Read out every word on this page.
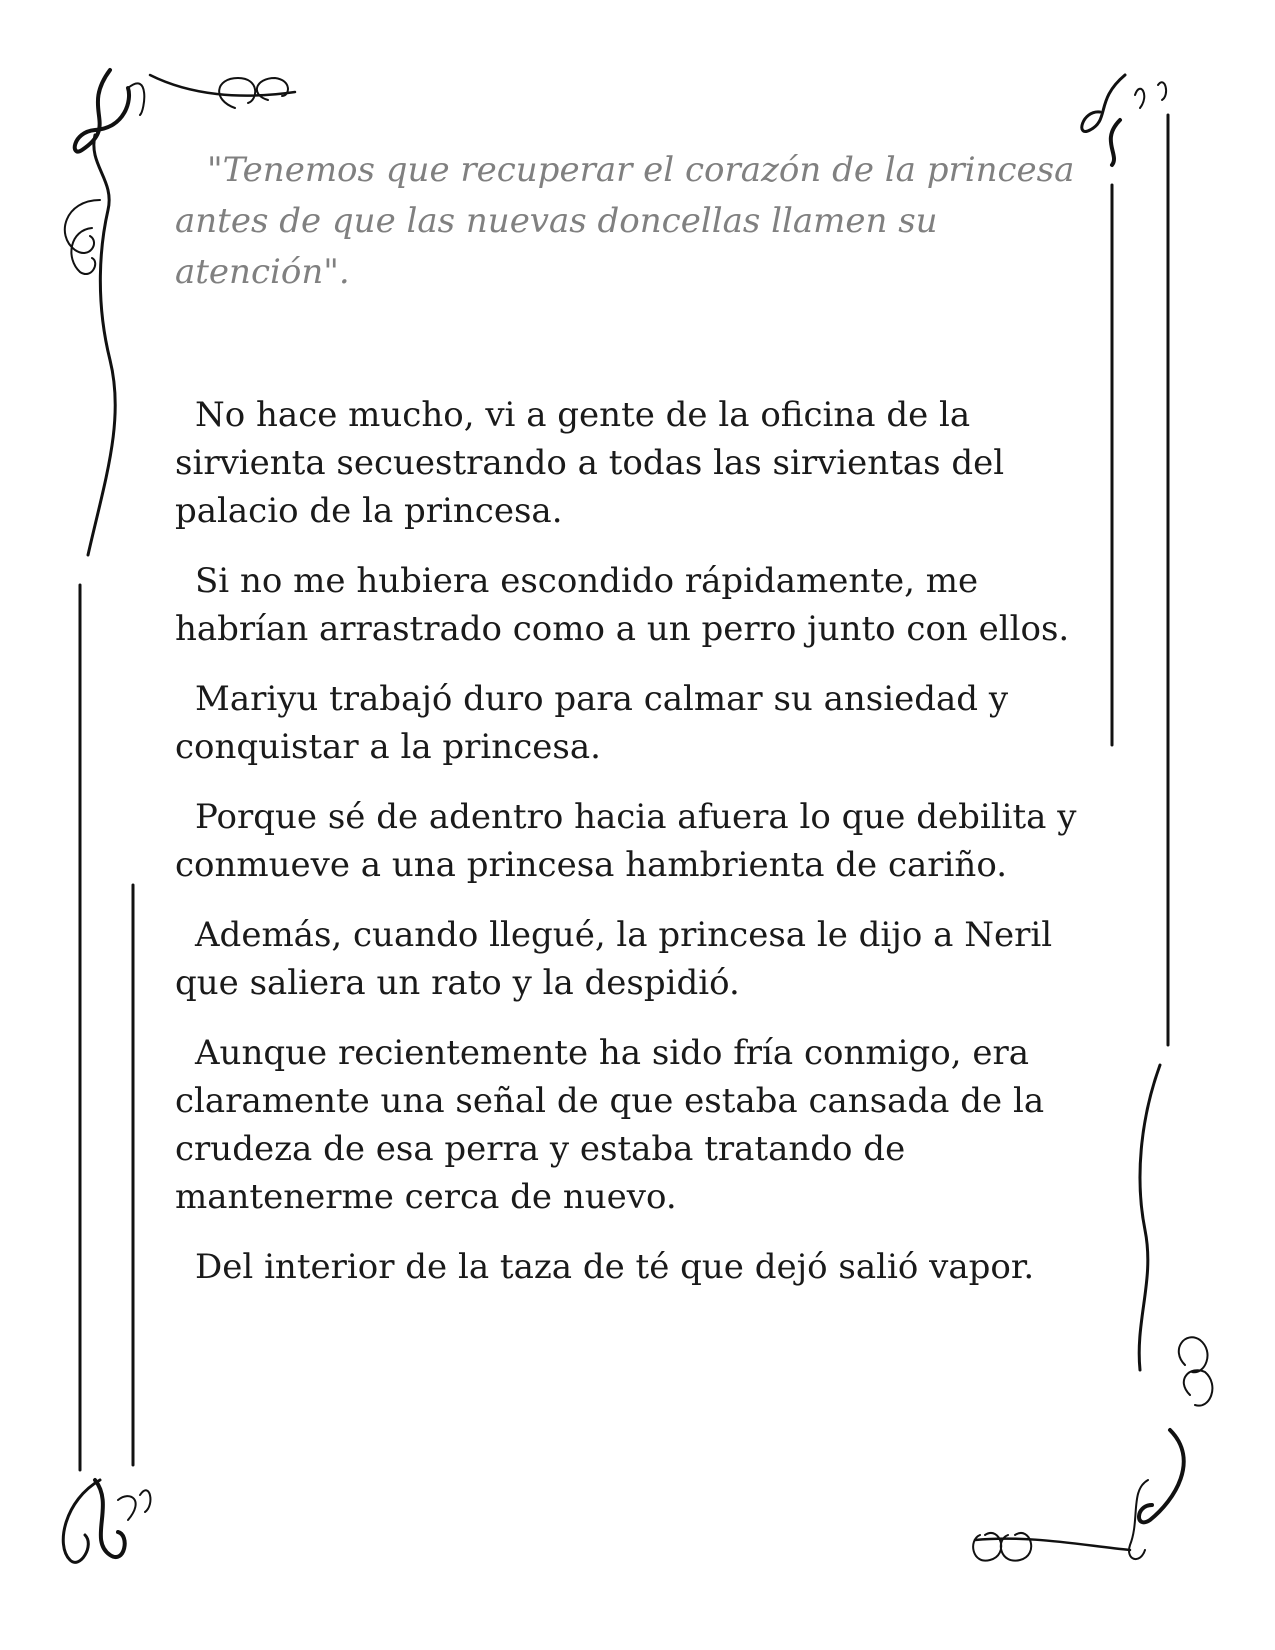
"Tenemos que recuperar el corazón de la princesa antes de que las nuevas doncellas llamen su atención".

No hace mucho, vi a gente de la oficina de la sirvienta secuestrando a todas las sirvientas del palacio de la princesa.

Si no me hubiera escondido rápidamente, me habrían arrastrado como a un perro junto con ellos.

Mariyu trabajó duro para calmar su ansiedad y conquistar a la princesa.

Porque sé de adentro hacia afuera lo que debilita y conmueve a una princesa hambrienta de cariño.

Además, cuando llegué, la princesa le dijo a Neril que saliera un rato y la despidió.

Aunque recientemente ha sido fría conmigo, era claramente una señal de que estaba cansada de la crudeza de esa perra y estaba tratando de mantenerme cerca de nuevo.

Del interior de la taza de té que dejó salió vapor.
